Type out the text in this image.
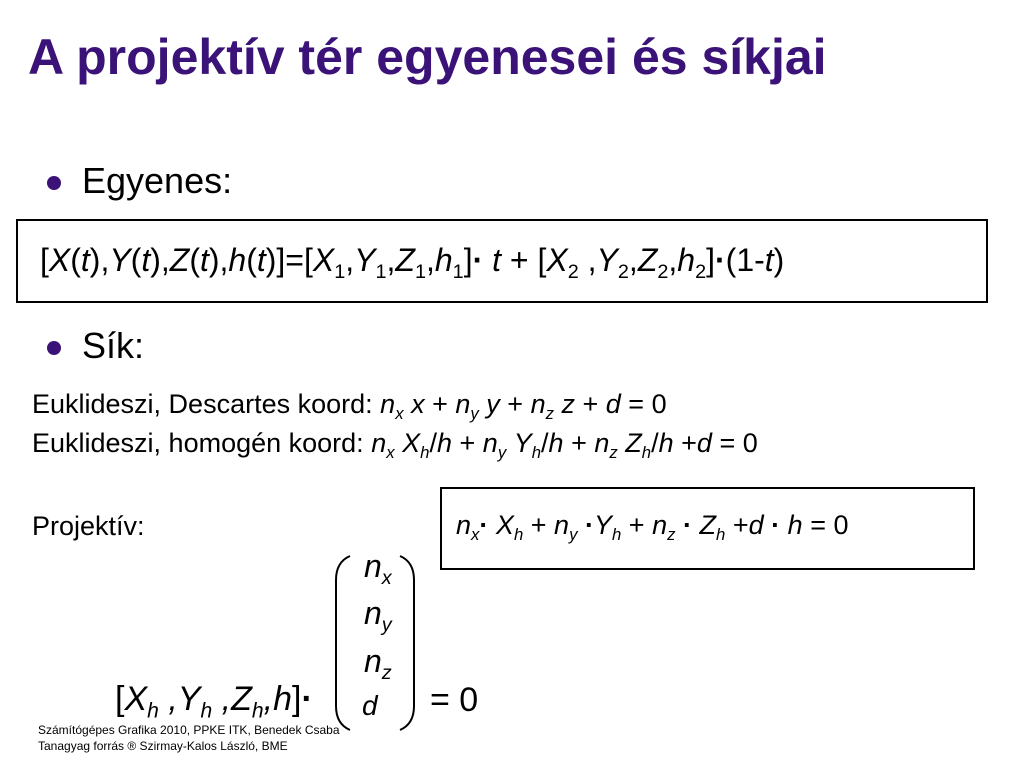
A projektív tér egyenesei és síkjai
Egyenes:
$[X(t),Y(t),Z(t),h(t)]=[X_1,Y_1,Z_1,h_1]\cdot t + [X_2$ $,Y_2,Z_2,h_2]\cdot(1-t)$
Sík:
Euklideszi, Descartes koord: $n_x$ $x + n_y$ $y + n_z$ z + d = 0
Euklideszi, homogén koord: $n_x$ $X_h/h + n_y$ $Y_h/h + n_z$ $Z_h/h +d = 0$
Projektív:	$n_x\cdot X_h + n_y \cdot Y_h + n_z \cdot Z_h +d \cdot h = 0$
[$X_h$ $,Y_h$ $,Z_h,h]\cdot$
$n_x$
$n_y$
$n_z$
d = 0
Számítógépes Grafika 2010, PPKE ITK, Benedek Csaba
Tanagyag forrás ® Szirmay-Kalos László, BME
